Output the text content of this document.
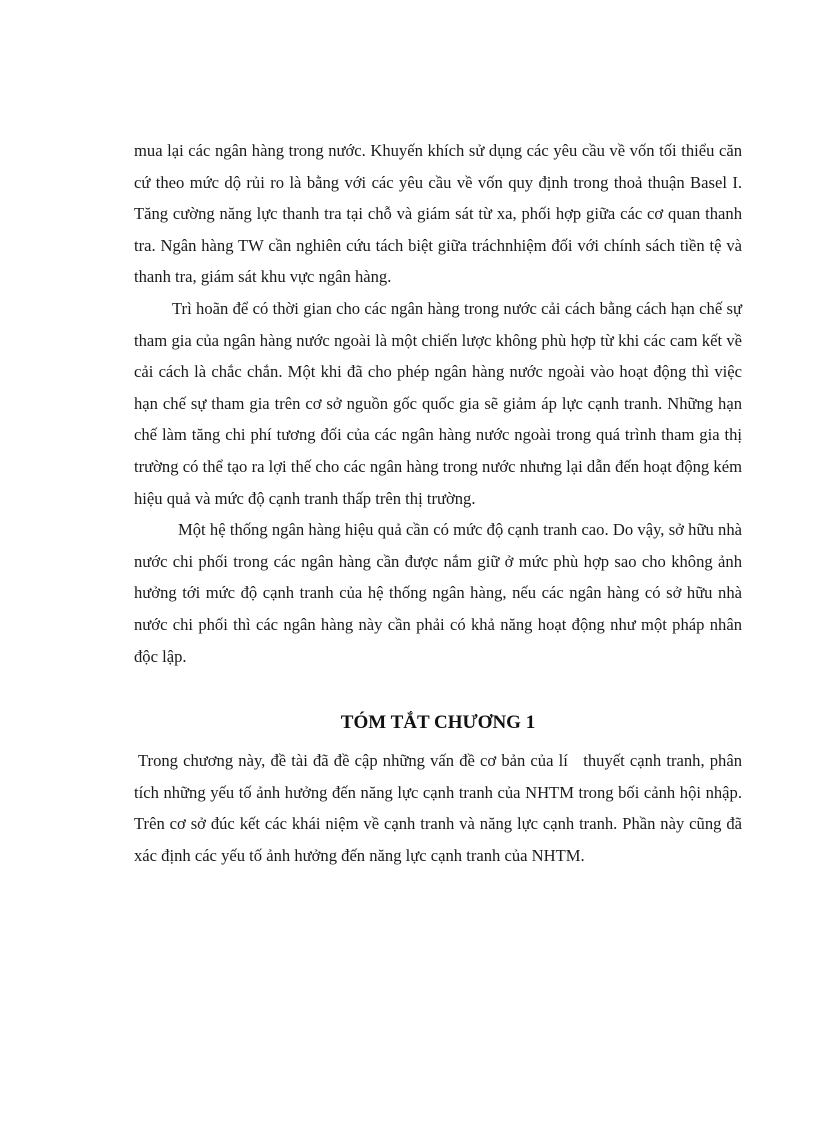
mua lại các ngân hàng trong nước. Khuyến khích sử dụng các yêu cầu về vốn tối thiểu căn cứ theo mức dộ rủi ro là bằng với các yêu cầu về vốn quy định trong thoả thuận Basel I. Tăng cường năng lực thanh tra tại chỗ và giám sát từ xa, phối hợp giữa các cơ quan thanh tra. Ngân hàng TW cần nghiên cứu tách biệt giữa tráchnhiệm đối với chính sách tiền tệ và thanh tra, giám sát khu vực ngân hàng.

Trì hoãn để có thời gian cho các ngân hàng trong nước cải cách bằng cách hạn chế sự tham gia của ngân hàng nước ngoài là một chiến lược không phù hợp từ khi các cam kết về cải cách là chắc chắn. Một khi đã cho phép ngân hàng nước ngoài vào hoạt động thì việc hạn chế sự tham gia trên cơ sở nguồn gốc quốc gia sẽ giảm áp lực cạnh tranh. Những hạn chế làm tăng chi phí tương đối của các ngân hàng nước ngoài trong quá trình tham gia thị trường có thể tạo ra lợi thế cho các ngân hàng trong nước nhưng lại dẫn đến hoạt động kém hiệu quả và mức độ cạnh tranh thấp trên thị trường.

Một hệ thống ngân hàng hiệu quả cần có mức độ cạnh tranh cao. Do vậy, sở hữu nhà nước chi phối trong các ngân hàng cần được nắm giữ ở mức phù hợp sao cho không ảnh hưởng tới mức độ cạnh tranh của hệ thống ngân hàng, nếu các ngân hàng có sở hữu nhà nước chi phối thì các ngân hàng này cần phải có khả năng hoạt động như một pháp nhân độc lập.

TÓM TẮT CHƯƠNG 1

Trong chương này, đề tài đã đề cập những vấn đề cơ bản của lí   thuyết cạnh tranh, phân tích những yếu tố ảnh hưởng đến năng lực cạnh tranh của NHTM trong bối cảnh hội nhập. Trên cơ sở đúc kết các khái niệm về cạnh tranh và năng lực cạnh tranh. Phần này cũng đã xác định các yếu tố ảnh hưởng đến năng lực cạnh tranh của NHTM.
